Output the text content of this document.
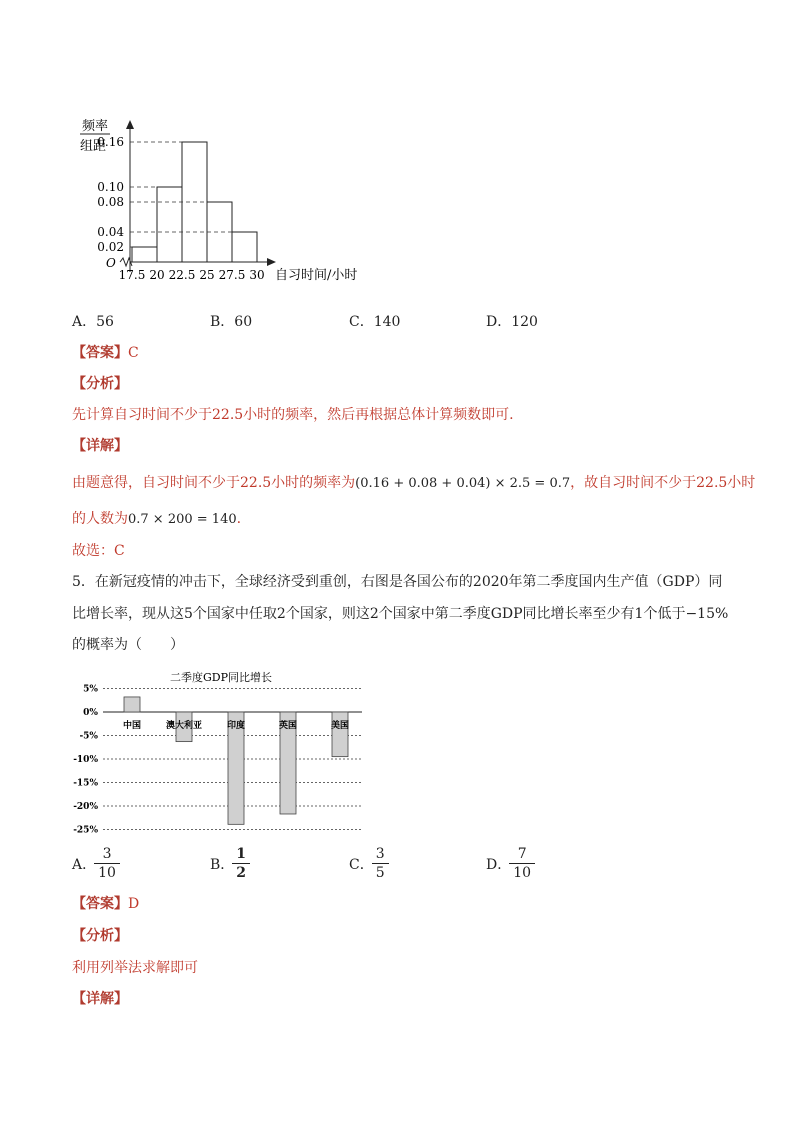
0.02
0.04
0.08
0.10
0.16
17.5 20 22.5 25 27.5 30
频率
组距
O
自习时间/小时
A．56	B．60	C．140	D．120
【答案】C
【分析】
先计算自习时间不少于22.5小时的频率，然后再根据总体计算频数即可.
【详解】
由题意得，自习时间不少于22.5小时的频率为(0.16 + 0.08 + 0.04) × 2.5 = 0.7，故自习时间不少于22.5小时
的人数为0.7 × 200 = 140.
故选：C
5．在新冠疫情的冲击下，全球经济受到重创，右图是各国公布的2020年第二季度国内生产值（GDP）同
比增长率，现从这5个国家中任取2个国家，则这2个国家中第二季度GDP同比增长率至少有1个低于−15%
的概率为（　　）
二季度GDP同比增长
5%
0%
-5%
-10%
-15%
-20%
-25%
中国	澳大利亚	印度	英国	美国
A． $\frac{3}{10}$	B． $\frac{1}{2}$	C． $\frac{3}{5}$	D． $\frac{7}{10}$
【答案】D
【分析】
利用列举法求解即可
【详解】
